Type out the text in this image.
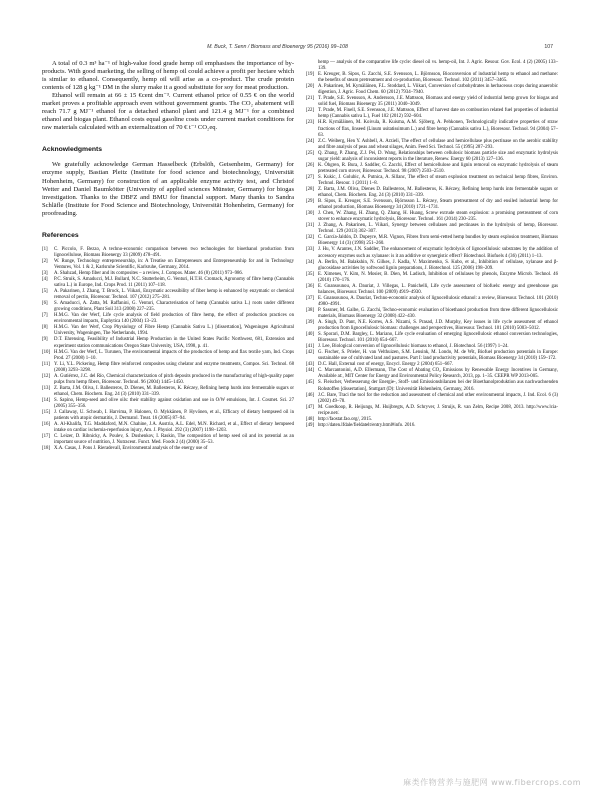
M. Buck, T. Senn / Biomass and Bioenergy 95 (2016) 99–108	107

A total of 0.3 m³ ha⁻¹ of high-value food grade hemp oil emphasises the importance of by-products. With good marketing, the selling of hemp oil could achieve a profit per hectare which is similar to ethanol. Consequently, hemp oil will arise as a co-product. The crude protein contents of 128 g kg⁻¹ DM in the slurry make it a good substitute for soy for meat production.

Ethanol will remain at 66 ± 15 €cent dm⁻³. Current ethanol price of 0.55 € on the world market proves a profitable approach even without government grants. The CO₂ abatement will reach 71.7 g MJ⁻¹ ethanol for a detached ethanol plant and 121.4 g MJ⁻¹ for a combined ethanol and biogas plant. Ethanol costs equal gasoline costs under current market conditions for raw materials calculated with an externalization of 70 € t⁻¹ CO₂eq.

Acknowledgments

We gratefully acknowledge German Hasselbeck (Erbslöh, Geisenheim, Germany) for enzyme supply, Bastian Pleitz (Institute for food science and biotechnology, Universität Hohenheim, Germany) for construction of an applicable enzyme activity test, and Christof Wetter and Daniel Baumkötter (University of applied sciences Münster, Germany) for biogas investigation. Thanks to the DBFZ and BMU for financial support. Many thanks to Sandra Schläfle (Institute for Food Science and Biotechnology, Universität Hohenheim, Germany) for proofreading.

References
[1]	C. Piccolo, F. Bezzo, A techno-economic comparison between two technologies for bioethanol production from lignocellulose, Biomass Bioenergy 33 (2009) 478–491.
[2]	W. Runge, Technology entrepreneurship, in: A Treatise on Entrepreneurs and Entrepreneurship for and in Technology Ventures, Vol. 1 & 2, Karlsruhe Scientific, Karlsruhe, Germany, 2014.
[3]	A. Shahzad, Hemp fiber and its composites – a review, J. Compos. Mater. 46 (8) (2011) 973–986.
[4]	P.C. Struik, S. Amaducci, M.J. Bullard, N.C. Stutterheim, G. Venturi, H.T.H. Cromack, Agronomy of fibre hemp (Cannabis sativa L.) in Europe, Ind. Crops Prod. 11 (2011) 107–118.
[5]	A. Pakarinen, J. Zhang, T. Brock, L. Viikari, Enzymatic accessibility of fiber hemp is enhanced by enzymatic or chemical removal of pectin, Bioresour. Technol. 107 (2012) 275–281.
[6]	S. Amaducci, A. Zatta, M. Raffanini, G. Venturi, Characterisation of hemp (Cannabis sativa L.) roots under different growing conditions, Plant Soil 313 (2008) 227–235.
[7]	H.M.G. Van der Werf, Life cycle analysis of field production of fibre hemp, the effect of production practices on environmental impacts, Euphytica 140 (2004) 13–23.
[8]	H.M.G. Van der Werf, Crop Physiology of Fibre Hemp (Cannabis Sativa L.) [dissertation], Wageningen Agricultural University, Wageningen, The Netherlands, 1994.
[9]	D.T. Ehrensing, Feasibility of Industrial Hemp Production in the United States Pacific Northwest, 681, Extension and experiment station communications Oregon State University, USA, 1998, p. 41.
[10] H.M.G. Van der Werf, L. Turunen, The environmental impacts of the production of hemp and flax textile yarn, Ind. Crops Prod. 27 (2008) 1–10.
[11] Y. Li, Y.L. Pickering, Hemp fibre reinforced composites using chelator and enzyme treatments, Compos. Sci. Technol. 68 (2008) 3293–3298.
[12] A. Gutiérrez, J.C. del Río, Chemical characterization of pitch deposits produced in the manufacturing of high-quality paper pulps from hemp fibers, Bioresour. Technol. 96 (2004) 1445–1450.
[13] Z. Barta, J.M. Oliva, I. Ballesteros, D. Dienes, M. Ballesteros, K. Réczey, Refining hemp hurds into fermentable sugars or ethanol, Chem. Biochem. Eng. 24 (3) (2010) 331–339.
[14] S. Sapino, Hemp-seed and olive oils: their stability against oxidation and use in O/W emulsions, Int. J. Cosmet. Sci. 27 (2005) 355–356.
[15] J. Callaway, U. Schwab, I. Harvima, P. Halonen, O. Mykkänen, P. Hyvönen, et al., Efficacy of dietary hempseed oil in patients with atopic dermatitis, J. Dermatol. Treat. 16 (2005) 87–94.
[16] A. Al-Khalifa, T.G. Maddaford, M.N. Chahine, J.A. Austria, A.L. Edel, M.N. Richard, et al., Effect of dietary hempseed intake on cardiac ischemia-reperfusion injury, Am. J. Physiol. 292 (3) (2007) 1198–1203.
[17] C. Leizer, D. Ribnicky, A. Poulev, S. Dushenkov, I. Raskin, The composition of hemp seed oil and its potential as an important source of nutrition, J. Nutraceut. Funct. Med. Foods 2 (4) (2000) 35–53.
[18] X.A. Casas, J. Pons J. Rieradevall, Environmental analysis of the energy use of
hemp — analysis of the comparative life cycle: diesel oil vs. hemp-oil, Int. J. Agric. Resour. Gov. Ecol. 4 (2) (2005) 133–139.
[19] E. Kreuger, B. Sipos, G. Zacchi, S.E. Svensson, L. Björnsson, Bioconversion of industrial hemp to ethanol and methane: the benefits of steam pretreatment and co-production, Bioresour. Technol. 102 (2011) 3457–3465.
[20] A. Pakarinen, M. Kymäläinen, F.L. Stoddard, L. Viikari, Conversion of carbohydrates in herbaceous crops during anaerobic digestion, J. Agric. Food Chem. 60 (2012) 7934–7940.
[21] T. Prade, S.E. Svensson, A. Andersson, J.E. Mattsson, Biomass and energy yield of industrial hemp grown for biogas and solid fuel, Biomass Bioenergy 35 (2011) 3040–3049.
[22] T. Prade, M. Finell, S.E. Svensson, J.E. Mattsson, Effect of harvest date on combustion related fuel properties of industrial hemp (Cannabis sativa L.), Fuel 102 (2012) 592–604.
[23] H.R. Kymäläinen, M. Koivula, R. Kuisma, A.M. Sjöberg, A. Pehkonen, Technologically indicative properties of straw fractions of flax, linseed (Linum usitatissimum L.) and fibre hemp (Cannabis sativa L.), Bioresour. Technol. 94 (2004) 57–63.
[24] Z.C. Weiberg, Hen Y. Ashbell, A. Arzieli, The effect of cellulase and hemicellulase plus pectinase on the aerobic stability and fibre analysis of peas and wheat silages, Anim. Feed Sci. Technol. 55 (1995) 287–293.
[25] Q. Zhang, P. Zhang, Z.J. Pei, D. Wang, Relationships between cellulosic biomass particle size and enzymatic hydrolysis sugar yield: analysis of inconsistent reports in the literature, Renew. Energy 60 (2013) 127–136.
[26] K. Öhgren, R. Bura, J. Saddler, G. Zacchi, Effect of hemicellulose and lignin removal on enzymatic hydrolysis of steam pretreated corn stover, Bioresour. Technol. 98 (2007) 2503–2510.
[27] S. Kukic, J. Golubic, A. Putnica, A. Sillanc, The effect of steam explosion treatment on technical hemp fibres, Environ. Technol. Resour. 1 (2011) 1–8.
[28] Z. Barta, J.M. Oliva, Dienes D. Ballesteros, M. Ballesteros, K. Réczey, Refining hemp hurds into fermentable sugars or ethanol, Chem. Biochem. Eng. 24 (3) (2010) 331–339.
[29] B. Sipos, E. Kreuger, S.E. Svensson, Björnsson L. Réczey, Steam pretreatment of dry and ensiled industrial hemp for ethanol production, Biomass Bioenergy 34 (2010) 1721–1731.
[30] J. Chen, W. Zhang, H. Zhang, Q. Zhang, H. Huang, Screw extrude steam explosion: a promising pretreatment of corn stover to enhance enzymatic hydrolysis, Bioresour. Technol. 161 (2014) 230–235.
[31] J. Zhang, A. Pakarinen, L. Viikari, Synergy between cellulases and pectinases in the hydrolysis of hemp, Bioresour. Technol. 129 (2013) 302–307.
[32] C. García-Jaldón, D. Dupeyre, M.R. Vignon, Fibres from semi-retted hemp bundles by steam explosion treatment, Biomass Bioenergy 14 (3) (1998) 251–260.
[33] J. Hu, V. Arantes, J.N. Saddler, The enhancement of enzymatic hydrolysis of lignocellulosic substrates by the addition of accessory enzymes such as xylanase: is it an additive or synergistic effect? Biotechnol. Biofuels 4 (36) (2011) 1–13.
[34] A. Berlin, M. Balakshin, N. Gilkes, J. Kadla, V. Maximenko, S. Kubo, et al., Inhibition of cellulase, xylanase and β-glucosidase activities by softwood lignin preparations, J. Biotechnol. 125 (2006) 198–209.
[35] E. Ximenes, Y. Kim, N. Mosier, B. Dien, M. Ladisch, Inhibition of cellulases by phenols, Enzyme Microb. Technol. 46 (2010) 170–176.
[36] E. Gnansounou, A. Dauriat, J. Villegas, L. Panichelli, Life cycle assessment of biofuels: energy and greenhouse gas balances, Bioresour. Technol. 100 (2009) 4919–4930.
[37] E. Gnansounou, A. Dauriat, Techno-economic analysis of lignocellulosic ethanol: a review, Bioresour. Technol. 101 (2010) 4980–4991.
[38] P. Sassner, M. Galbe, G. Zacchi, Techno-economic evaluation of bioethanol production from three different lignocellulosic materials, Biomass Bioenergy 32 (2008) 422–430.
[39] A. Singh, D. Pant, N.E. Korres, A.S. Nizami, S. Prasad, J.D. Murphy, Key issues in life cycle assessment of ethanol production from lignocellulosic biomass: challenges and perspectives, Bioresour. Technol. 101 (2010) 5003–5012.
[40] S. Sporari, D.M. Bargley, L. Mariano, Life cycle evaluation of emerging lignocellulosic ethanol conversion technologies, Bioresour. Technol. 101 (2010) 654–667.
[41] J. Lee, Biological conversion of lignocellulosic biomass to ethanol, J. Biotechnol. 56 (1997) 1–24.
[42] G. Fischer, S. Prieler, H. van Velthuizen, S.M. Lensink, M. Londo, M. de Wit, Biofuel production potentials in Europe: sustainable use of cultivated land and pastures. Part I: land productivity potentials, Biomass Bioenergy 34 (2010) 159–172.
[43] D.C. Hall, External cost of energy, Encycl. Energy 2 (2004) 651–667.
[44] C. Marcantonini, A.D. Ellermann, The Cost of Abating CO₂ Emissions by Renewable Energy Incentives in Germany, Available at:, MIT Center for Energy and Environmental Policy Research, 2013, pp. 1–35. CEEPR WP 2013-005.
[45] S. Fleischer, Verbesserung der Energie-, Stoff- und Emissionsbilanzen bei der Bioethanolproduktion aus nachwachsenden Rohstoffen [dissertation], Stuttgart (D): Universität Hohenheim, Germany, 2016.
[46] J.C. Bare, Traci the tool for the reduction and assessment of chemical and other environmental impacts, J. Ind. Ecol. 6 (3) (2002) 49–78.
[47] M. Goedkoop, R. Heijungs, M. Huijbregts, A.D. Schryver, J. Struijs, R. van Zelm, Recipe 2008, 2013. http://www.lcia-recipe.net/.
[48] http://faostat.fao.org/, 2015.
[49] http://daten.lfdale/fieldatelt/entry.html#info. 2016.
麻类作物营养与施肥网 www.fibercrops.com
